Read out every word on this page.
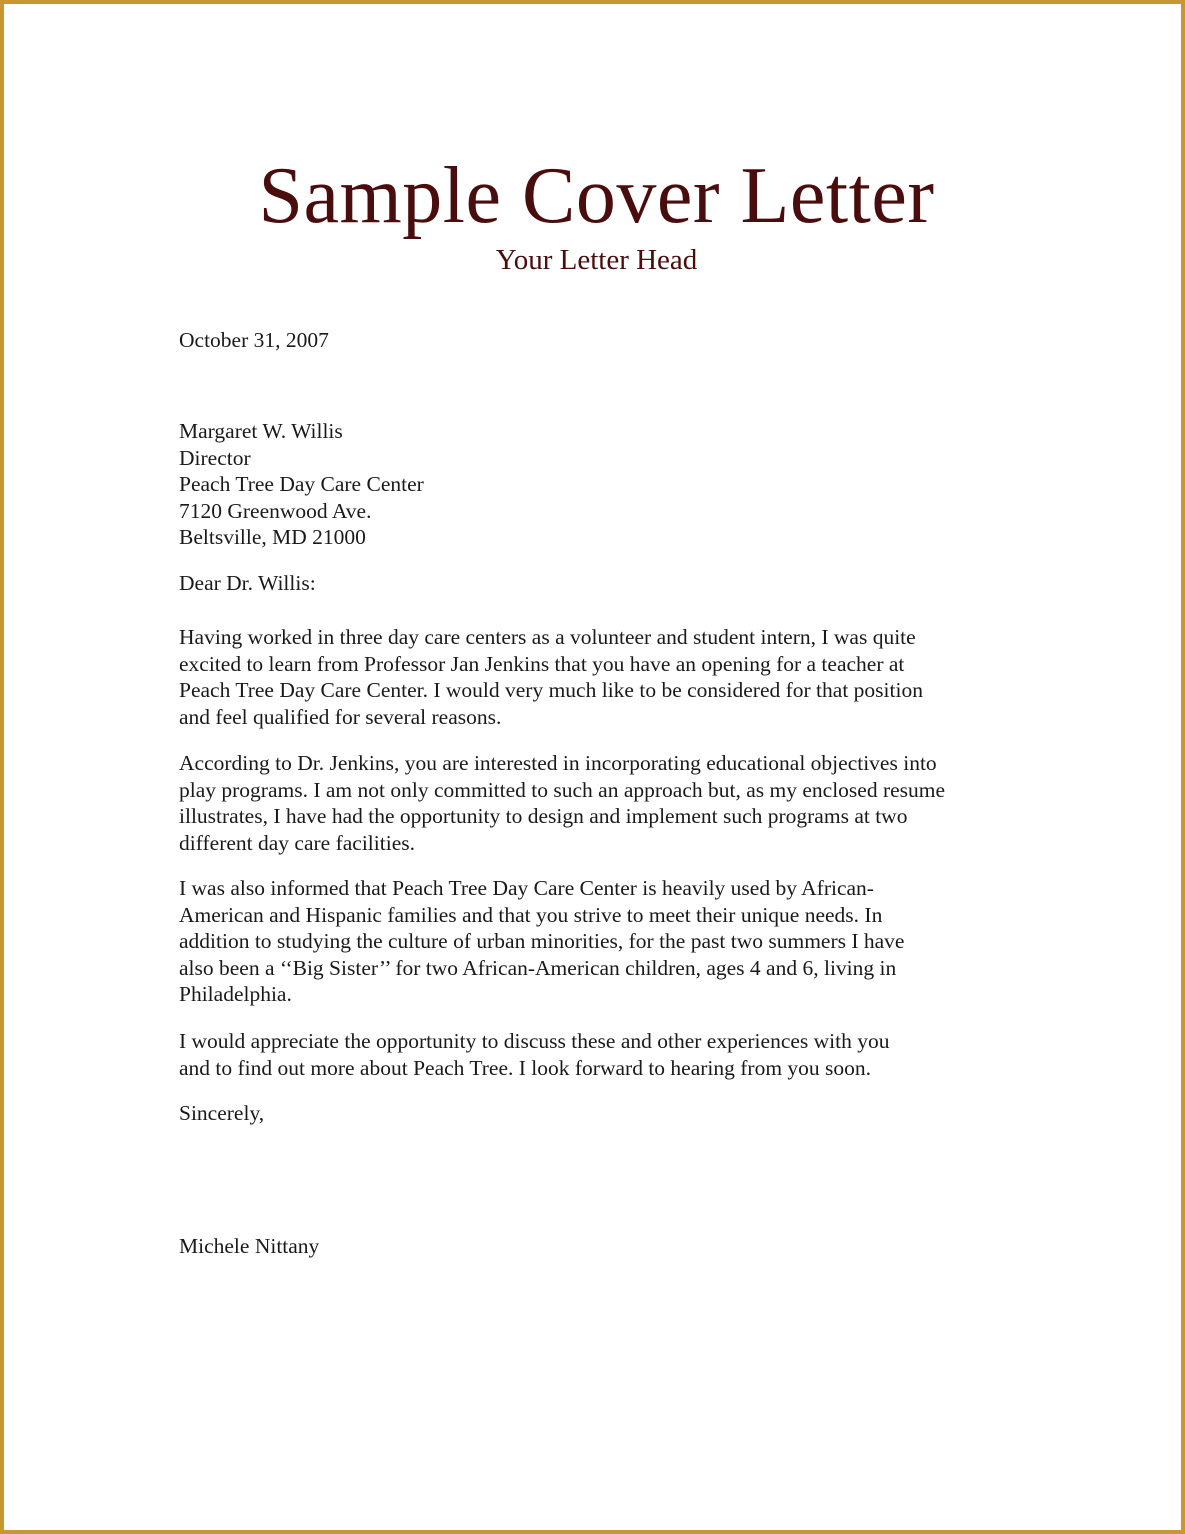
Sample Cover Letter
Your Letter Head

October 31, 2007

Margaret W. Willis
Director
Peach Tree Day Care Center
7120 Greenwood Ave.
Beltsville, MD 21000

Dear Dr. Willis:

Having worked in three day care centers as a volunteer and student intern, I was quite
excited to learn from Professor Jan Jenkins that you have an opening for a teacher at
Peach Tree Day Care Center. I would very much like to be considered for that position
and feel qualified for several reasons.
According to Dr. Jenkins, you are interested in incorporating educational objectives into
play programs. I am not only committed to such an approach but, as my enclosed resume
illustrates, I have had the opportunity to design and implement such programs at two
different day care facilities.
I was also informed that Peach Tree Day Care Center is heavily used by African-
American and Hispanic families and that you strive to meet their unique needs. In
addition to studying the culture of urban minorities, for the past two summers I have
also been a ‘‘Big Sister’’ for two African-American children, ages 4 and 6, living in
Philadelphia.
I would appreciate the opportunity to discuss these and other experiences with you
and to find out more about Peach Tree. I look forward to hearing from you soon.

Sincerely,

Michele Nittany
